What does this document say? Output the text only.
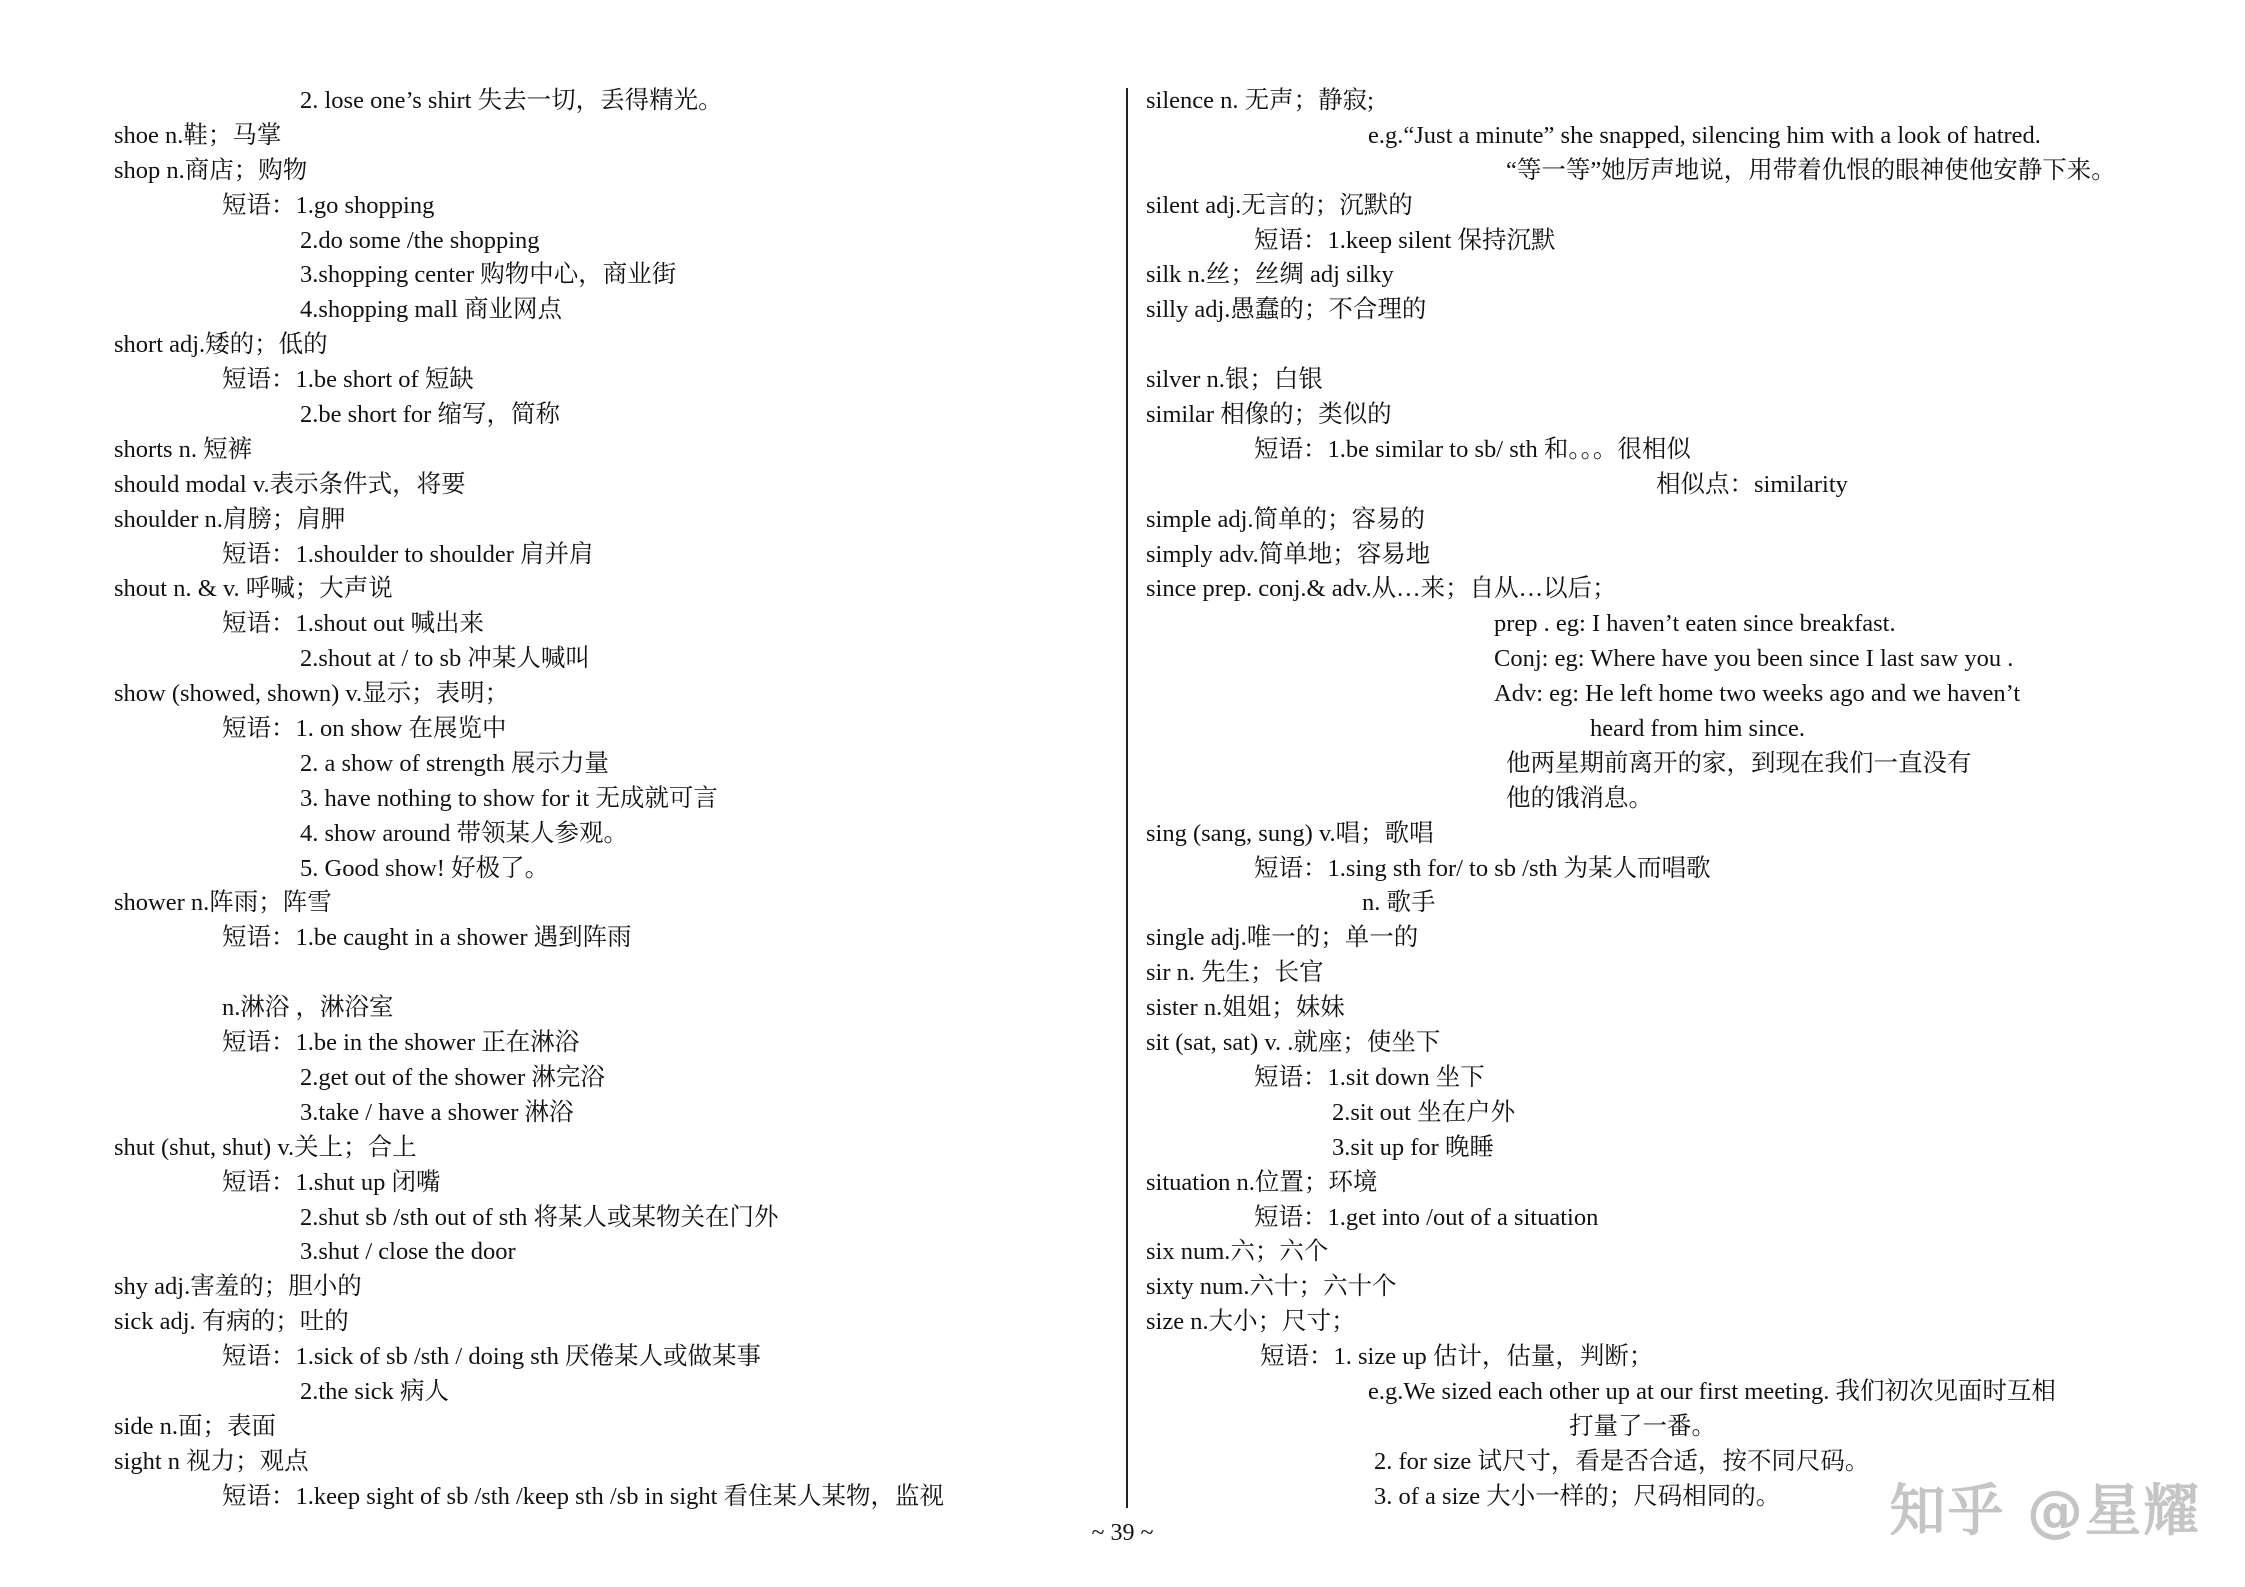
2. lose one’s shirt 失去一切，丢得精光。
shoe n.鞋；马掌
shop n.商店；购物
短语：1.go shopping
2.do some /the shopping
3.shopping center 购物中心，商业街
4.shopping mall 商业网点
short adj.矮的；低的
短语：1.be short of 短缺
2.be short for 缩写，简称
shorts n. 短裤
should modal v.表示条件式，将要
shoulder n.肩膀；肩胛
短语：1.shoulder to shoulder 肩并肩
shout n. & v. 呼喊；大声说
短语：1.shout out 喊出来
2.shout at / to sb 冲某人喊叫
show (showed, shown) v.显示；表明；
短语：1. on show 在展览中
2. a show of strength 展示力量
3. have nothing to show for it 无成就可言
4. show around 带领某人参观。
5. Good show! 好极了。
shower n.阵雨；阵雪
短语：1.be caught in a shower 遇到阵雨
n.淋浴 ，淋浴室
短语：1.be in the shower 正在淋浴
2.get out of the shower 淋完浴
3.take / have a shower 淋浴
shut (shut, shut) v.关上；合上
短语：1.shut up 闭嘴
2.shut sb /sth out of sth 将某人或某物关在门外
3.shut / close the door
shy adj.害羞的；胆小的
sick adj. 有病的；吐的
短语：1.sick of sb /sth / doing sth 厌倦某人或做某事
2.the sick 病人
side n.面；表面
sight n 视力；观点
短语：1.keep sight of sb /sth /keep sth /sb in sight 看住某人某物，监视
silence n. 无声；静寂;
e.g.“Just a minute” she snapped, silencing him with a look of hatred.
“等一等”她厉声地说，用带着仇恨的眼神使他安静下来。
silent adj.无言的；沉默的
短语：1.keep silent 保持沉默
silk n.丝；丝绸 adj silky
silly adj.愚蠢的；不合理的
silver n.银；白银
similar 相像的；类似的
短语：1.be similar to sb/ sth 和。。。很相似
相似点：similarity
simple adj.简单的；容易的
simply adv.简单地；容易地
since prep. conj.& adv.从…来；自从…以后；
prep . eg: I haven’t eaten since breakfast.
Conj: eg: Where have you been since I last saw you .
Adv: eg: He left home two weeks ago and we haven’t
heard from him since.
他两星期前离开的家，到现在我们一直没有
他的饿消息。
sing (sang, sung) v.唱；歌唱
短语：1.sing sth for/ to sb /sth 为某人而唱歌
n. 歌手
single adj.唯一的；单一的
sir n. 先生；长官
sister n.姐姐；妹妹
sit (sat, sat) v. .就座；使坐下
短语：1.sit down 坐下
2.sit out 坐在户外
3.sit up for 晚睡
situation n.位置；环境
短语：1.get into /out of a situation
six num.六；六个
sixty num.六十；六十个
size n.大小；尺寸；
短语：1. size up 估计，估量，判断；
e.g.We sized each other up at our first meeting. 我们初次见面时互相
打量了一番。
2. for size 试尺寸，看是否合适，按不同尺码。
3. of a size 大小一样的；尺码相同的。
~ 39 ~	知乎 @星耀
